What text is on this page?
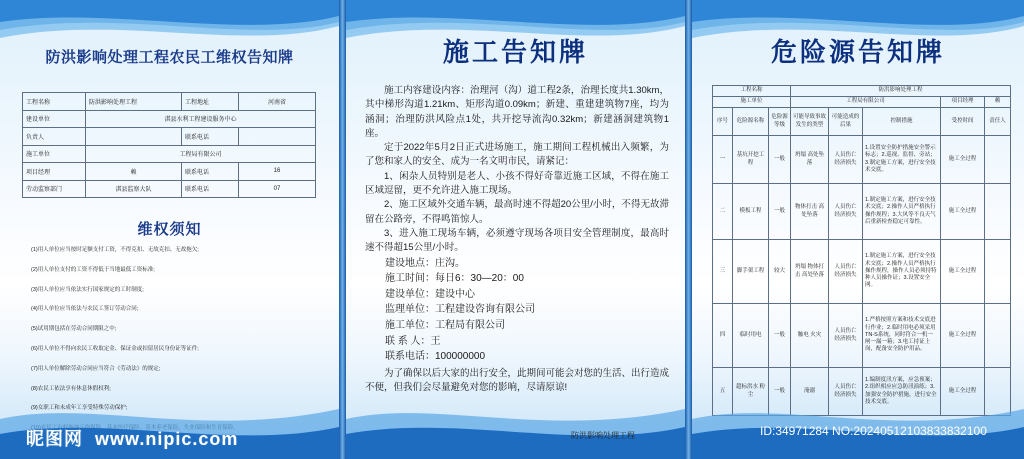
防洪影响处理工程农民工维权告知牌
工程名称	防洪影响处理工程	工程地址	河南省
建设单位	淇县水利工程建设服务中心		
负责人		联系电话	
施工单位	工程局有限公司		
项目经理	赖	联系电话	16
劳动监察部门	淇县监察大队	联系电话	07
维权须知
(1)用人单位应当按时足额支付工资，不得克扣、无故克扣、无故拖欠;
(2)用人单位支付的工资不得低于当地最低工资标准;
(3)用人单位应当依法实行国家规定的工时制度;
(4)用人单位应当依法与农民工签订劳动合同;
(5)试用期包括在劳动合同期限之中;
(6)用人单位不得向农民工收取定金、保证金或扣留居民身份证等证件;
(7)用人单位解除劳动合同应当符合《劳动法》的规定;
(8)农民工依法享有休息休假权利;
(9)女职工和未成年工享受特殊劳动保护;
施工告知牌

施工内容建设内容：治理河（沟）道工程2条，治理长度共1.30km，其中梯形沟道1.21km、矩形沟道0.09km；新建、重建建筑物7座，均为涵洞；治理防洪风险点1处，共开挖导流沟0.32km；新建涵洞建筑物1座。

定于2022年5月2日正式进场施工，施工期间工程机械出入频繁，为了您和家人的安全、成为一名文明市民，请紧记：

1、闲杂人员特别是老人、小孩不得好奇靠近施工区域，不得在施工区域逗留，更不允许进入施工现场。

2、施工区域外交通车辆，最高时速不得超20公里/小时，不得无故滞留在公路旁，不得鸣笛惊人。

3、进入施工现场车辆，必须遵守现场各项目安全管理制度，最高时速不得超15公里/小时。

建设地点：庄沟。
施工时间：每日6：30—20：00
建设单位：建设中心
监理单位：工程建设咨询有限公司
施工单位：工程局有限公司
联 系 人：王
联系电话：100000000

为了确保以后大家的出行安全，此期间可能会对您的生活、出行造成不便，但我们会尽量避免对您的影响，尽请原谅!

防洪影响处理工程
危险源告知牌
工程名称			防洪影响处理工程				
施工单位			工程局有限公司			项目经理	赖
序号	危险源名称	危险源等级	可能导致事故发生的类型	可能造成的后果	控制措施	受控时间	责任人
一	基坑开挖工程	一般	坍塌 高处坠落	人员伤亡 经济损失	1.设置安全防护措施安全警示标志；2.巡视、监督、旁站；3.制定施工方案，进行安全技术交底。	施工全过程	
二	模板工程	一般	物体打击 高处坠落	人员伤亡 经济损失	1.制定施工方案，进行安全技术交底；2.操作人员严格执行操作规程；3.大风等不良天气后重新检查稳定可靠性。	施工全过程	
三	脚手架工程	较大	坍塌 物体打击 高处坠落	人员伤亡 经济损失	1.制定施工方案，进行安全技术交底；2.操作人员严格执行操作规程，操作人员必须持特种人员操作证；3.设置安全网。	施工全过程	
四	临时用电	一般	触电 火灾	人员伤亡 经济损失	1.严格按照方案和技术交底进行作业；2.临时用电必须采用TN-S系统，同时符合一机一闸一漏一箱；3.电工持证上岗，配备安全防护用品。	施工全过程	
五	超标洪水 粉尘	一般	淹溺	人员伤亡 经济损失	1.编制度汛方案，应急预案；2.组织相应应急防汛演练；3.加强安全防护措施，进行安全技术交底。	施工全过程	
昵图网 www.nipic.com	ID:34971284 NO:20240512103833832100
